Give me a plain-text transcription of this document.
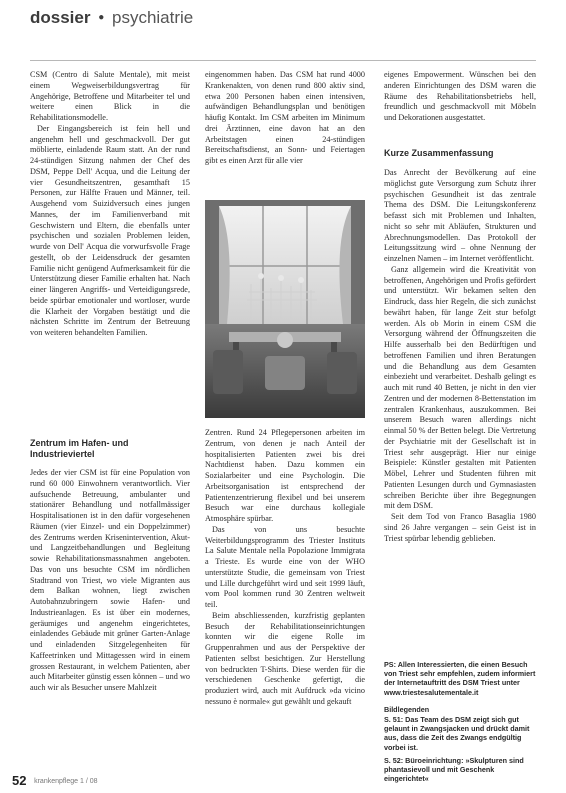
dossier ● psychiatrie

CSM (Centro di Salute Mentale), mit meist einem Wegweiserbildungsvertrag für Angehörige, Betroffene und Mitarbeiter tel und weitere einen Blick in die Rehabilitationsmodelle.

Der Eingangsbereich ist fein hell und angenehm hell und geschmackvoll. Der gut möblierte, einladende Raum statt. An der rund 24-stündigen Sitzung nahmen der Chef des DSM, Peppe Dell' Acqua, und die Leitung der vier Gesundheitszentren, gesamthaft 15 Personen, zur Hälfte Frauen und Männer, teil. Ausgehend vom Suizidversuch eines jungen Mannes, der im Familienverband mit Geschwistern und Eltern, die ebenfalls unter psychischen und sozialen Problemen leiden, wurde von Dell' Acqua die vorwurfsvolle Frage gestellt, ob der Leidensdruck der gesamten Familie nicht genügend Aufmerksamkeit für die Unterstützung dieser Familie erhalten hat. Nach einer längeren Angriffs- und Verteidigungsrede, beide spürbar emotionaler und wortloser, wurde die Klarheit der Vorgaben bestätigt und die nächsten Schritte im Zentrum der Betreuung von weiteren behandelten Familien.

Zentrum im Hafen- und Industrieviertel

Jedes der vier CSM ist für eine Population von rund 60 000 Einwohnern verantwortlich. Vier aufsuchende Betreuung, ambulanter und stationärer Behandlung und notfallmässiger Hospitalisationen ist in den dafür vorgesehenen Räumen (vier Einzel- und ein Doppelzimmer) des Zentrums werden Krisenintervention, Akut- und Langzeitbehandlungen und Begleitung sowie Rehabilitationsmassnahmen angeboten. Das von uns besuchte CSM im nördlichen Stadtrand von Triest, wo viele Migranten aus dem Balkan wohnen, liegt zwischen Autobahnzubringern sowie Hafen- und Industrieanlagen. Es ist über ein modernes, geräumiges und angenehm eingerichtetes, einladendes Gebäude mit grüner Garten-Anlage und einladenden Sitzgelegenheiten für Kaffeetrinken und Mittagessen wird in einem grossen Restaurant, in welchem Patienten, aber auch Mitarbeiter günstig essen können – und wo auch wir als Besucher unsere Mahlzeit

eingenommen haben. Das CSM hat rund 4000 Krankenakten, von denen rund 800 aktiv sind, etwa 200 Personen haben einen intensiven, aufwändigen Behandlungsplan und benötigen häufig Kontakt. Im CSM arbeiten im Minimum drei Ärztinnen, eine davon hat an den Arbeitstagen einen 24-stündigen Bereitschaftsdienst, an Sonn- und Feiertagen gibt es einen Arzt für alle vier

Zentren. Rund 24 Pflegepersonen arbeiten im Zentrum, von denen je nach Anteil der hospitalisierten Patienten zwei bis drei Nachtdienst haben. Dazu kommen ein Sozialarbeiter und eine Psychologin. Die Arbeitsorganisation ist entsprechend der Patientenzentrierung flexibel und bei unserem Besuch war eine durchaus kollegiale Atmosphäre spürbar.

Das von uns besuchte Weiterbildungsprogramm des Triester Instituts La Salute Mentale nella Popolazione Immigrata a Trieste. Es wurde eine von der WHO unterstützte Studie, die gemeinsam von Triest und Lille durchgeführt wird und seit 1999 läuft, vom Pool kommen rund 30 Zentren weltweit teil.

Beim abschliessenden, kurzfristig geplanten Besuch der Rehabilitationseinrichtungen konnten wir die eigene Rolle im Gruppenrahmen und aus der Perspektive der Patienten selbst besichtigen. Zur Herstellung von bedruckten T-Shirts. Diese werden für die verschiedenen Geschenke gefertigt, die produziert wird, auch mit Aufdruck »da vicino nessuno è normale« gut gewählt und gekauft

eigenes Empowerment. Wünschen bei den anderen Einrichtungen des DSM waren die Räume des Rehabilitationsbetriebs hell, freundlich und geschmackvoll mit Möbeln und Dekorationen ausgestattet.

Kurze Zusammenfassung

Das Anrecht der Bevölkerung auf eine möglichst gute Versorgung zum Schutz ihrer psychischen Gesundheit ist das zentrale Thema des DSM. Die Leitungskonferenz befasst sich mit Problemen und Inhalten, nicht so sehr mit Abläufen, Strukturen und Abrechnungsmodellen. Das Protokoll der Leitungssitzung wird – ohne Nennung der einzelnen Namen – im Internet veröffentlicht.

Ganz allgemein wird die Kreativität von betroffenen, Angehörigen und Profis gefördert und unterstützt. Wir bekamen selten den Eindruck, dass hier Regeln, die sich zunächst bewährt haben, für lange Zeit stur befolgt werden. Als ob Morin in einem CSM die Versorgung während der Öffnungszeiten die Hilfe ausserhalb bei den Bedürftigen und betroffenen Familien und ihren Beratungen und die Behandlung aus dem Gesamten einbezieht und verarbeitet. Deshalb gelingt es auch mit rund 40 Betten, je nicht in den vier Zentren und der modernen 8-Bettenstation im zentralen Krankenhaus, auszukommen. Bei unserem Besuch waren allerdings nicht einmal 50 % der Betten belegt. Die Vertretung der Psychiatrie mit der Gesellschaft ist in Triest sehr ausgeprägt. Hier nur einige Beispiele: Künstler gestalten mit Patienten Möbel, Lehrer und Studenten führen mit Patienten Lesungen durch und Gymnasiasten schreiben Berichte über ihre Begegnungen mit dem DSM.

Seit dem Tod von Franco Basaglia 1980 sind 26 Jahre vergangen – sein Geist ist in Triest spürbar lebendig geblieben.

PS: Allen Interessierten, die einen Besuch von Triest sehr empfehlen, zudem informiert der Internetauftritt des DSM Triest unter www.triestesalutementale.it

Bildlegenden

S. 51: Das Team des DSM zeigt sich gut gelaunt in Zwangsjacken und drückt damit aus, dass die Zeit des Zwangs endgültig vorbei ist.

S. 52: Büroeinrichtung: »Skulpturen sind phantasievoll und mit Geschenk eingerichtet«

52 krankenpflege 1 / 08
